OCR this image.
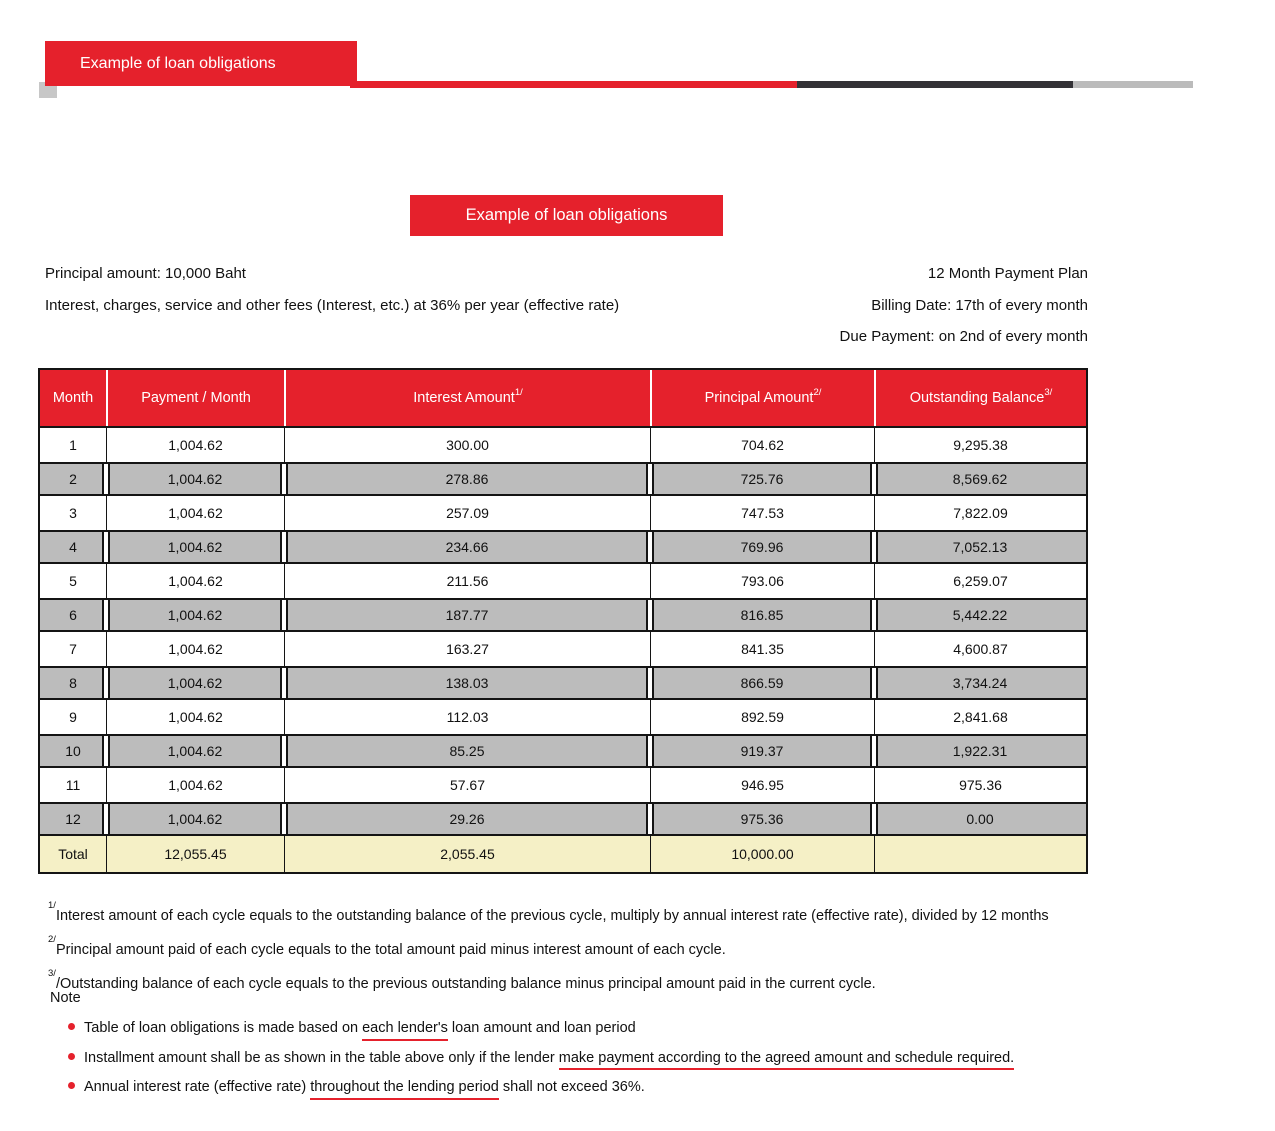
Example of loan obligations
Example of loan obligations
Principal amount: 10,000 Baht
Interest, charges, service and other fees (Interest, etc.) at 36% per year (effective rate)
12 Month Payment Plan
Billing Date: 17th of every month
Due Payment: on 2nd of every month
Month	Payment / Month	Interest Amount $^{1/}$	Principal Amount$^{2/}$	Outstanding Balance$^{3/}$
1	1,004.62	300.00	704.62	9,295.38
2	1,004.62	278.86	725.76	8,569.62
3	1,004.62	257.09	747.53	7,822.09
4	1,004.62	234.66	769.96	7,052.13
5	1,004.62	211.56	793.06	6,259.07
6	1,004.62	187.77	816.85	5,442.22
7	1,004.62	163.27	841.35	4,600.87
8	1,004.62	138.03	866.59	3,734.24
9	1,004.62	112.03	892.59	2,841.68
10	1,004.62	85.25	919.37	1,922.31
11	1,004.62	57.67	946.95	975.36
12	1,004.62	29.26	975.36	0.00
Total	12,055.45	2,055.45	10,000.00
$^{1/}$Interest amount of each cycle equals to the outstanding balance of the previous cycle, multiply by annual interest rate (effective rate), divided by 12 months
$^{2/}$Principal amount paid of each cycle equals to the total amount paid minus interest amount of each cycle.
$^{3/}$/Outstanding balance of each cycle equals to the previous outstanding balance minus principal amount paid in the current cycle.
Note
Table of loan obligations is made based on each lender's loan amount and loan period
Installment amount shall be as shown in the table above only if the lender make payment according to the agreed amount and schedule required.
Annual interest rate (effective rate) throughout the lending period shall not exceed 36%.
